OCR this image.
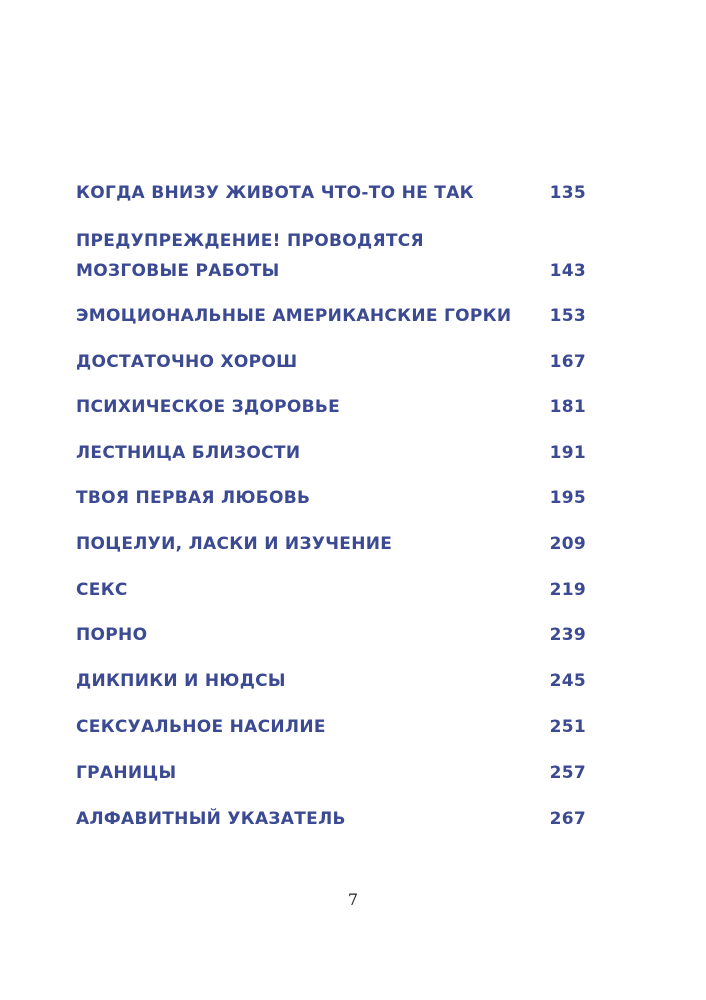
КОГДА ВНИЗУ ЖИВОТА ЧТО-ТО НЕ ТАК	135
ПРЕДУПРЕЖДЕНИЕ! ПРОВОДЯТСЯ
МОЗГОВЫЕ РАБОТЫ	143
ЭМОЦИОНАЛЬНЫЕ АМЕРИКАНСКИЕ ГОРКИ	153
ДОСТАТОЧНО ХОРОШ	167
ПСИХИЧЕСКОЕ ЗДОРОВЬЕ	181
ЛЕСТНИЦА БЛИЗОСТИ	191
ТВОЯ ПЕРВАЯ ЛЮБОВЬ	195
ПОЦЕЛУИ, ЛАСКИ И ИЗУЧЕНИЕ	209
СЕКС	219
ПОРНО	239
ДИКПИКИ И НЮДСЫ	245
СЕКСУАЛЬНОЕ НАСИЛИЕ	251
ГРАНИЦЫ	257
АЛФАВИТНЫЙ УКАЗАТЕЛЬ	267
7
